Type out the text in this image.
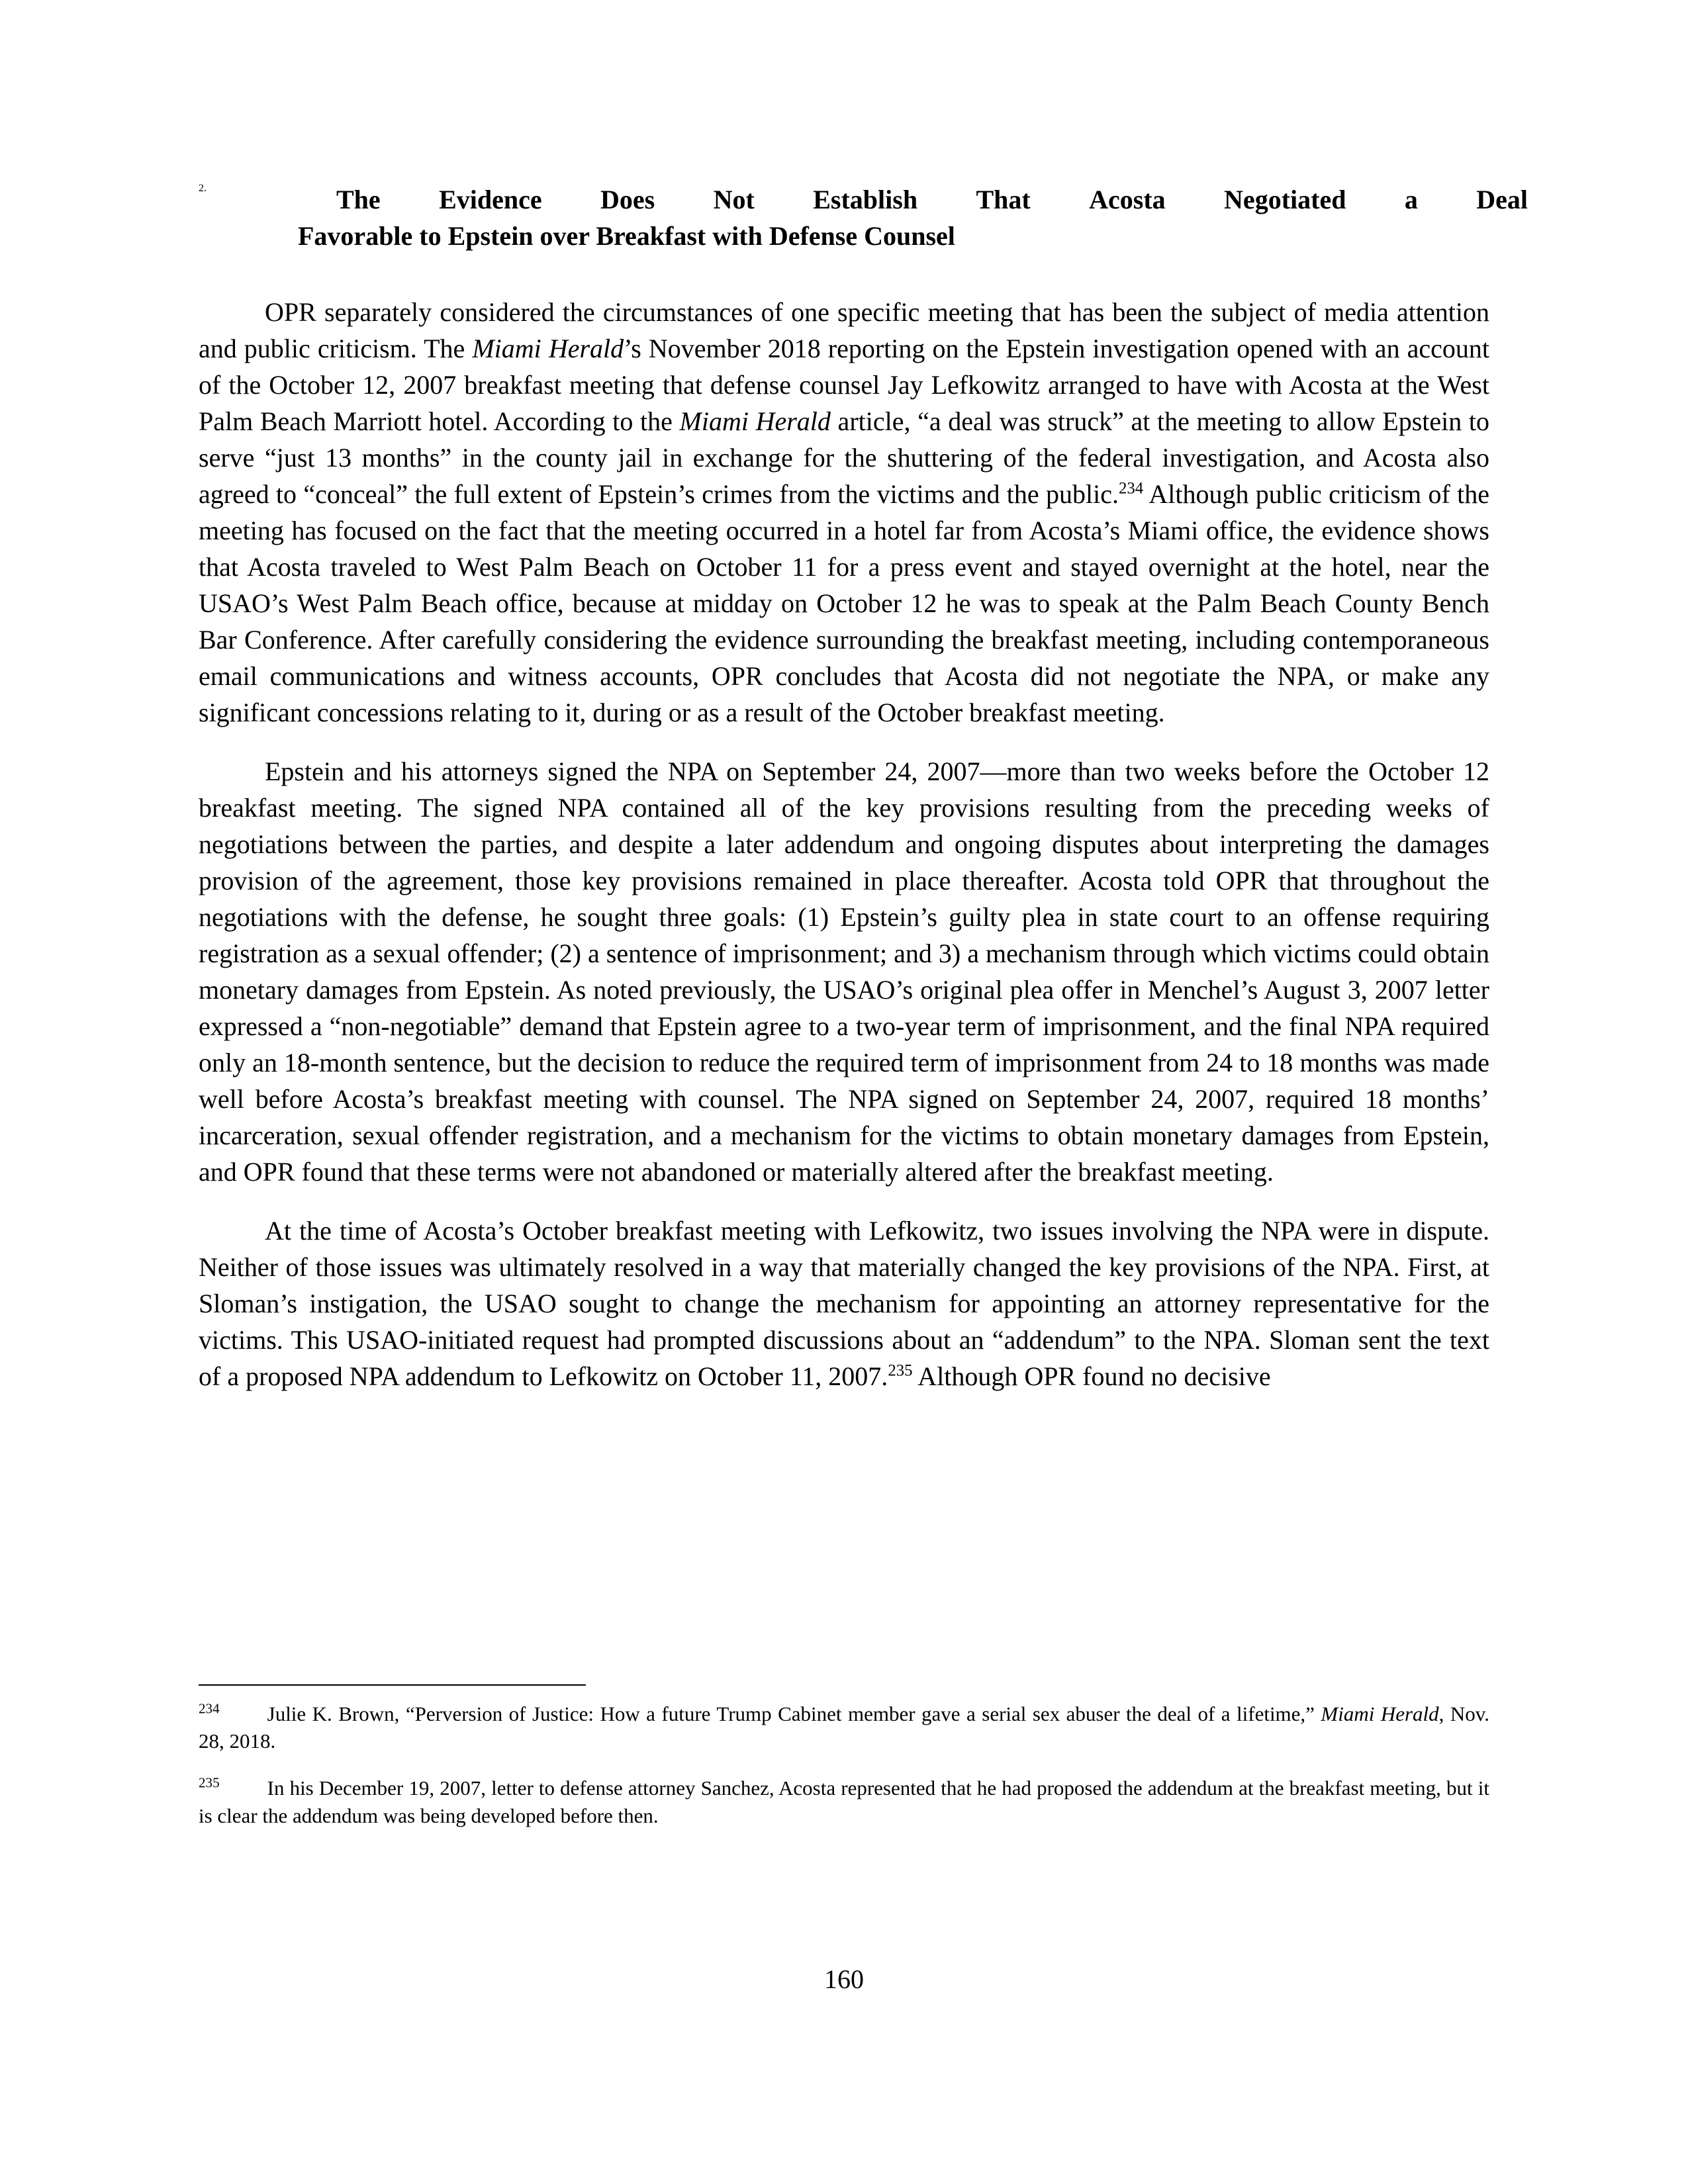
2.	The Evidence Does Not Establish That Acosta Negotiated a Deal
Favorable to Epstein over Breakfast with Defense Counsel

OPR separately considered the circumstances of one specific meeting that has been the subject of media attention and public criticism. The Miami Herald’s November 2018 reporting on the Epstein investigation opened with an account of the October 12, 2007 breakfast meeting that defense counsel Jay Lefkowitz arranged to have with Acosta at the West Palm Beach Marriott hotel. According to the Miami Herald article, “a deal was struck” at the meeting to allow Epstein to serve “just 13 months” in the county jail in exchange for the shuttering of the federal investigation, and Acosta also agreed to “conceal” the full extent of Epstein’s crimes from the victims and the public.$^{234}$ Although public criticism of the meeting has focused on the fact that the meeting occurred in a hotel far from Acosta’s Miami office, the evidence shows that Acosta traveled to West Palm Beach on October 11 for a press event and stayed overnight at the hotel, near the USAO’s West Palm Beach office, because at midday on October 12 he was to speak at the Palm Beach County Bench Bar Conference. After carefully considering the evidence surrounding the breakfast meeting, including contemporaneous email communications and witness accounts, OPR concludes that Acosta did not negotiate the NPA, or make any significant concessions relating to it, during or as a result of the October breakfast meeting.

Epstein and his attorneys signed the NPA on September 24, 2007—more than two weeks before the October 12 breakfast meeting. The signed NPA contained all of the key provisions resulting from the preceding weeks of negotiations between the parties, and despite a later addendum and ongoing disputes about interpreting the damages provision of the agreement, those key provisions remained in place thereafter. Acosta told OPR that throughout the negotiations with the defense, he sought three goals: (1) Epstein’s guilty plea in state court to an offense requiring registration as a sexual offender; (2) a sentence of imprisonment; and 3) a mechanism through which victims could obtain monetary damages from Epstein. As noted previously, the USAO’s original plea offer in Menchel’s August 3, 2007 letter expressed a “non-negotiable” demand that Epstein agree to a two-year term of imprisonment, and the final NPA required only an 18-month sentence, but the decision to reduce the required term of imprisonment from 24 to 18 months was made well before Acosta’s breakfast meeting with counsel. The NPA signed on September 24, 2007, required 18 months’ incarceration, sexual offender registration, and a mechanism for the victims to obtain monetary damages from Epstein, and OPR found that these terms were not abandoned or materially altered after the breakfast meeting.

At the time of Acosta’s October breakfast meeting with Lefkowitz, two issues involving the NPA were in dispute. Neither of those issues was ultimately resolved in a way that materially changed the key provisions of the NPA. First, at Sloman’s instigation, the USAO sought to change the mechanism for appointing an attorney representative for the victims. This USAO-initiated request had prompted discussions about an “addendum” to the NPA. Sloman sent the text of a proposed NPA addendum to Lefkowitz on October 11, 2007.$^{235}$ Although OPR found no decisive

$^{234}$ Julie K. Brown, “Perversion of Justice: How a future Trump Cabinet member gave a serial sex abuser the deal of a lifetime,” Miami Herald, Nov. 28, 2018.
$^{235}$ In his December 19, 2007, letter to defense attorney Sanchez, Acosta represented that he had proposed the addendum at the breakfast meeting, but it is clear the addendum was being developed before then.
160
